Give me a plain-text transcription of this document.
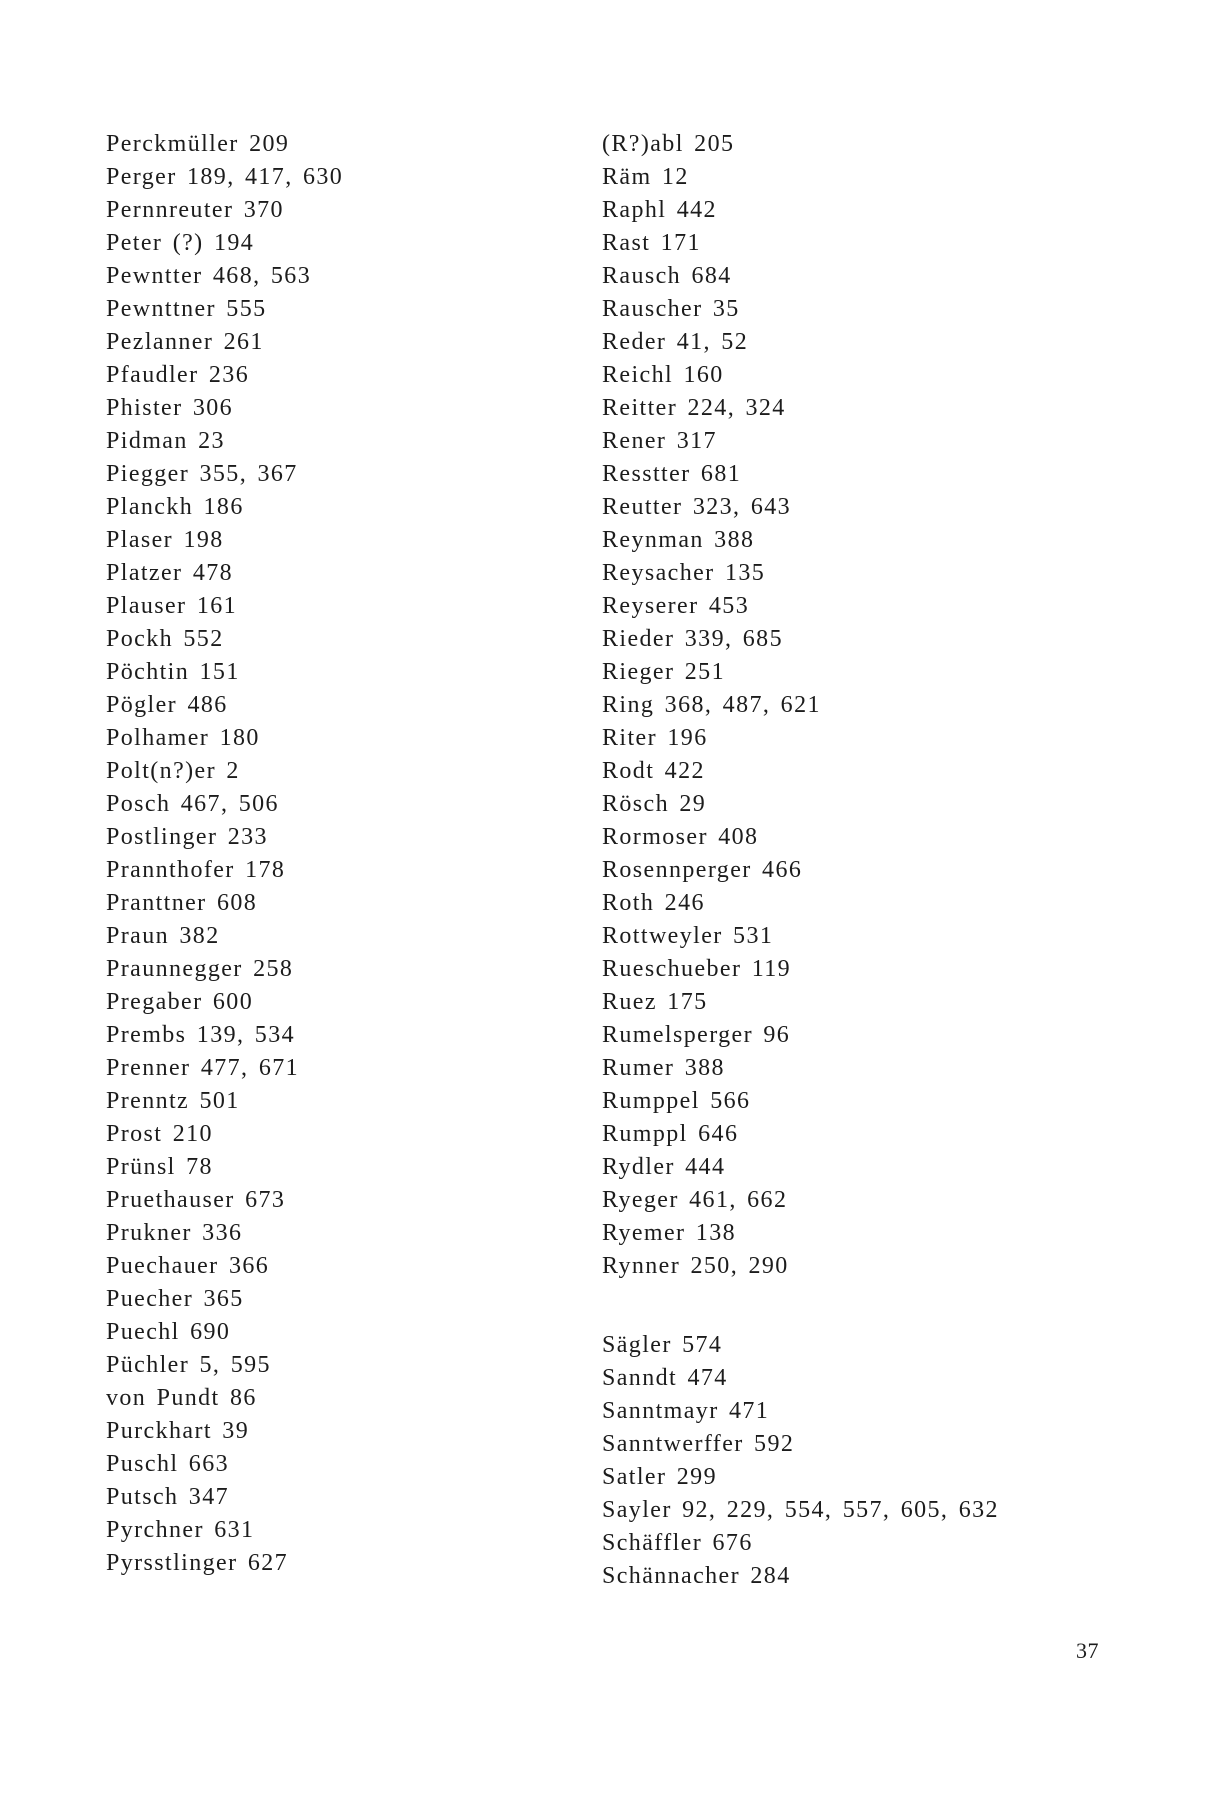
Perckmüller 209
Perger 189, 417, 630
Pernnreuter 370
Peter (?) 194
Pewntter 468, 563
Pewnttner 555
Pezlanner 261
Pfaudler 236
Phister 306
Pidman 23
Piegger 355, 367
Planckh 186
Plaser 198
Platzer 478
Plauser 161
Pockh 552
Pöchtin 151
Pögler 486
Polhamer 180
Polt(n?)er 2
Posch 467, 506
Postlinger 233
Prannthofer 178
Pranttner 608
Praun 382
Praunnegger 258
Pregaber 600
Prembs 139, 534
Prenner 477, 671
Prenntz 501
Prost 210
Prünsl 78
Pruethauser 673
Prukner 336
Puechauer 366
Puecher 365
Puechl 690
Püchler 5, 595
von Pundt 86
Purckhart 39
Puschl 663
Putsch 347
Pyrchner 631
Pyrsstlinger 627
(R?)abl 205
Räm 12
Raphl 442
Rast 171
Rausch 684
Rauscher 35
Reder 41, 52
Reichl 160
Reitter 224, 324
Rener 317
Resstter 681
Reutter 323, 643
Reynman 388
Reysacher 135
Reyserer 453
Rieder 339, 685
Rieger 251
Ring 368, 487, 621
Riter 196
Rodt 422
Rösch 29
Rormoser 408
Rosennperger 466
Roth 246
Rottweyler 531
Rueschueber 119
Ruez 175
Rumelsperger 96
Rumer 388
Rumppel 566
Rumppl 646
Rydler 444
Ryeger 461, 662
Ryemer 138
Rynner 250, 290
Sägler 574
Sanndt 474
Sanntmayr 471
Sanntwerffer 592
Satler 299
Sayler 92, 229, 554, 557, 605, 632
Schäffler 676
Schännacher 284
37
